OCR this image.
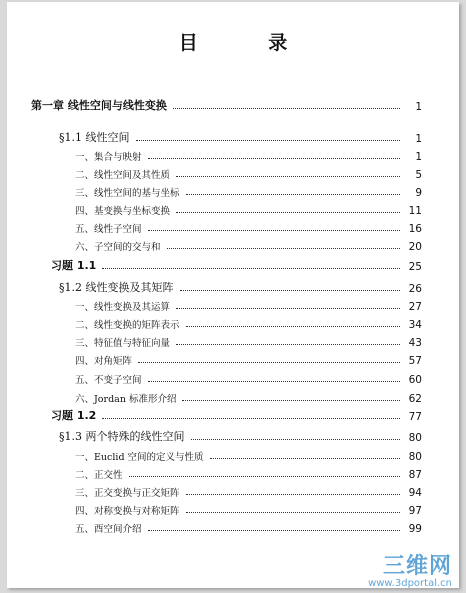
目 录
第一章 线性空间与线性变换	1
§1.1 线性空间	1
一、集合与映射	1
二、线性空间及其性质	5
三、线性空间的基与坐标	9
四、基变换与坐标变换	11
五、线性子空间	16
六、子空间的交与和	20
习题 1.1	25
§1.2 线性变换及其矩阵	26
一、线性变换及其运算	27
二、线性变换的矩阵表示	34
三、特征值与特征向量	43
四、对角矩阵	57
五、不变子空间	60
六、Jordan 标准形介绍	62
习题 1.2	77
§1.3 两个特殊的线性空间	80
一、Euclid 空间的定义与性质	80
二、正交性	87
三、正交变换与正交矩阵	94
四、对称变换与对称矩阵	97
五、酉空间介绍	99
三维网
www.3dportal.cn
